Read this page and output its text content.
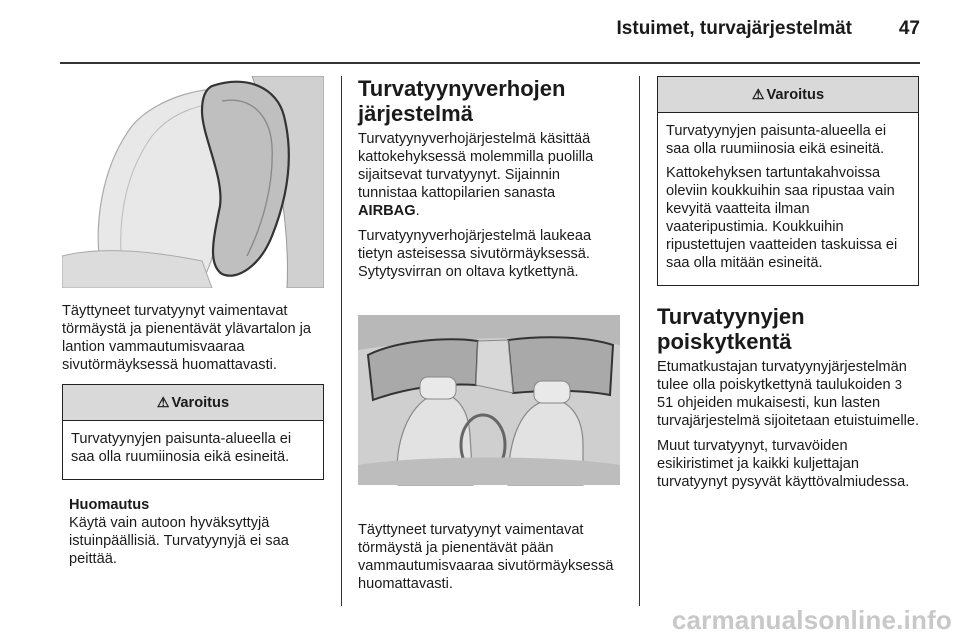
Istuimet, turvajärjestelmät 47

Täyttyneet turvatyynyt vaimentavat törmäystä ja pienentävät ylävartalon ja lantion vammautumisvaaraa sivutörmäyksessä huomattavasti.

⚠ Varoitus

Turvatyynyjen paisunta-alueella ei saa olla ruumiinosia eikä esineitä.

Huomautus

Käytä vain autoon hyväksyttyjä istuinpäällisiä. Turvatyynyjä ei saa peittää.

Turvatyynyverhojen järjestelmä

Turvatyynyverhojärjestelmä käsittää kattokehyksessä molemmilla puolilla sijaitsevat turvatyynyt. Sijainnin tunnistaa kattopilarien sanasta AIRBAG.

Turvatyynyverhojärjestelmä laukeaa tietyn asteisessa sivutörmäyksessä. Sytytysvirran on oltava kytkettynä.

Täyttyneet turvatyynyt vaimentavat törmäystä ja pienentävät pään vammautumisvaaraa sivutörmäyksessä huomattavasti.

⚠ Varoitus

Turvatyynyjen paisunta-alueella ei saa olla ruumiinosia eikä esineitä.

Kattokehyksen tartuntakahvoissa oleviin koukkuihin saa ripustaa vain kevyitä vaatteita ilman vaateripustimia. Koukkuihin ripustettujen vaatteiden taskuissa ei saa olla mitään esineitä.

Turvatyynyjen poiskytkentä

Etumatkustajan turvatyynyjärjestelmän tulee olla poiskytkettynä taulukoiden 3 51 ohjeiden mukaisesti, kun lasten turvajärjestelmä sijoitetaan etuistuimelle.

Muut turvatyynyt, turvavöiden esikiristimet ja kaikki kuljettajan turvatyynyt pysyvät käyttövalmiudessa.

carmanualsonline.info
